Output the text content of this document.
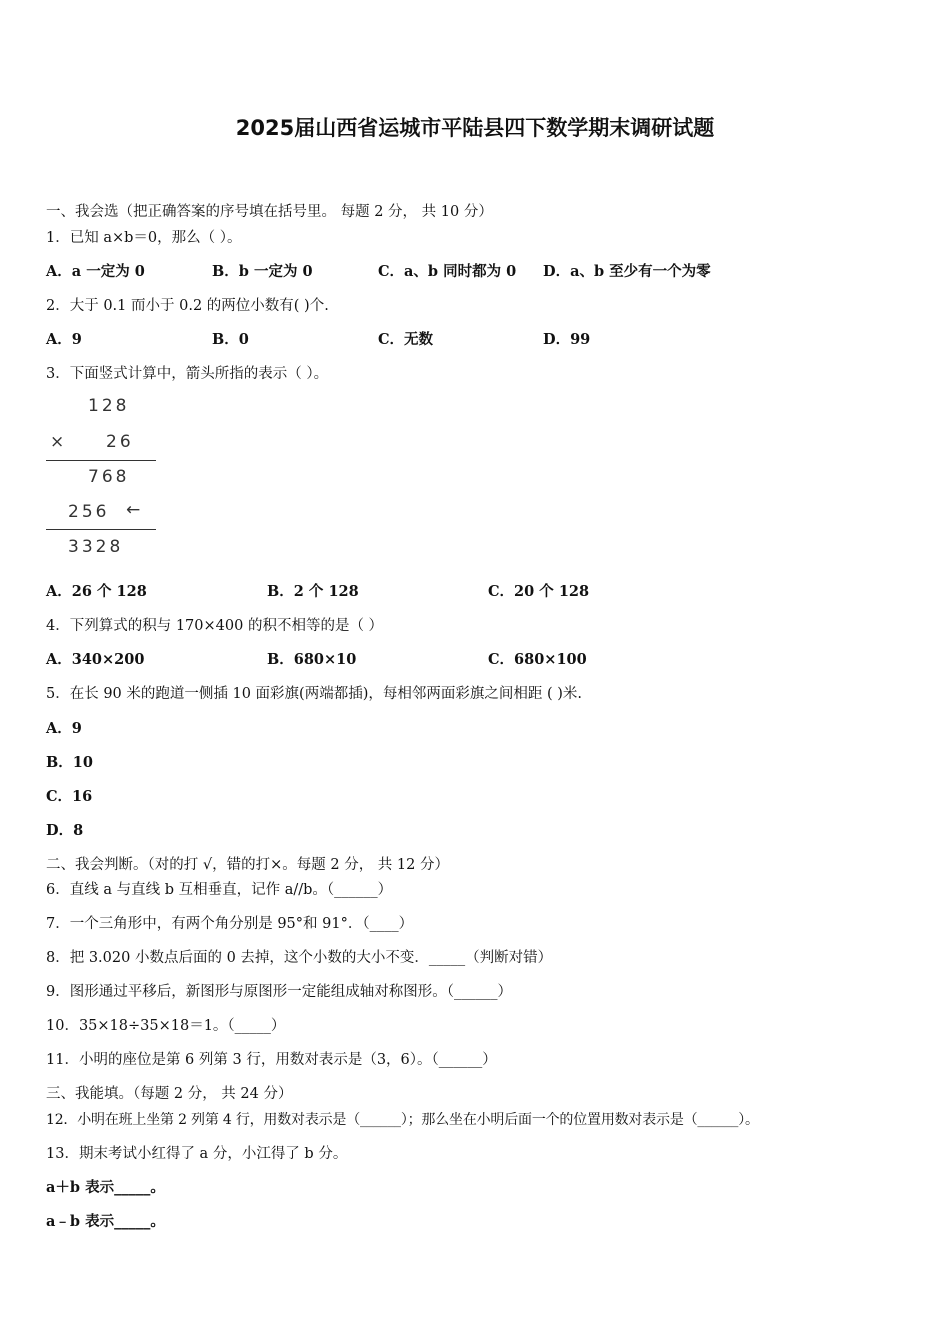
2025届山西省运城市平陆县四下数学期末调研试题
一、我会选（把正确答案的序号填在括号里。 每题 2 分， 共 10 分）
1．已知 a×b＝0，那么（ ）。
A．a 一定为 0	B．b 一定为 0	C．a、b 同时都为 0 D．a、b 至少有一个为零
2．大于 0.1 而小于 0.2 的两位小数有( )个.
A．9	B．0	C．无数	D．99
3．下面竖式计算中，箭头所指的表示（ ）。
128
× 26
768
256 ←
3328
A．26 个 128	B．2 个 128	C．20 个 128
4．下列算式的积与 170×400 的积不相等的是（ ）
A．340×200	B．680×10	C．680×100
5．在长 90 米的跑道一侧插 10 面彩旗(两端都插)，每相邻两面彩旗之间相距 ( )米.
A．9
B．10
C．16
D．8
二、我会判断。（对的打 √，错的打×。每题 2 分， 共 12 分）
6．直线 a 与直线 b 互相垂直，记作 a//b。（______）
7．一个三角形中，有两个角分别是 95°和 91°．（____）
8．把 3.020 小数点后面的 0 去掉，这个小数的大小不变．_____（判断对错）
9．图形通过平移后，新图形与原图形一定能组成轴对称图形。（______）
10．35×18÷35×18＝1。（_____）
11．小明的座位是第 6 列第 3 行，用数对表示是（3，6）。（______）
三、我能填。（每题 2 分， 共 24 分）
12．小明在班上坐第 2 列第 4 行，用数对表示是（______）；那么坐在小明后面一个的位置用数对表示是（______）。
13．期末考试小红得了 a 分，小江得了 b 分。
a＋b 表示_____。
a﹣b 表示_____。
